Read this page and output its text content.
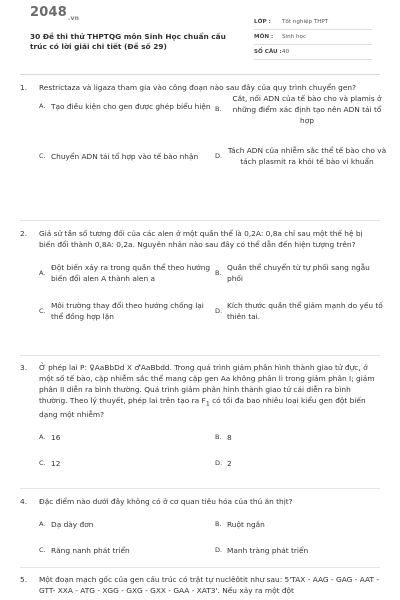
$2048_{.vn}$
30 Đề thi thử THPTQG môn Sinh Học chuẩn cấu trúc có lời giải chi tiết (Đề số 29)
LỚP :	Tốt nghiệp THPT
MÔN :	Sinh học
SỐ CÂU : 40
1.	Restrictaza và ligaza tham gia vào công đoạn nào sau đây của quy trình chuyển gen?
A. Tạo điều kiện cho gen được ghép biểu hiện B.
Cắt, nối ADN của tế bào cho và plamis ở những điểm xác định tạo nên ADN tái tổ hợp
C. Chuyển ADN tái tổ hợp vào tế bào nhận	D.
Tách ADN của nhiễm sắc thể tế bào cho và tách plasmit ra khỏi tế bào vi khuẩn
2.	Giả sử tần số tương đối của các alen ở một quần thể là 0,2A: 0,8a chỉ sau một thế hệ bị biến đổi thành 0,8A: 0,2a. Nguyên nhân nào sau đây có thể dẫn đến hiện tượng trên?
A.
Đột biến xảy ra trong quần thể theo hướng biến đổi alen A thành alen a
B.
Quần thể chuyển từ tự phối sang ngẫu phối
C.
Môi trường thay đổi theo hướng chống lại thể đồng hợp lặn
D.
Kích thước quần thể giảm mạnh do yếu tố thiên tai.
3.	Ở phép lai P: ♀AaBbDd X ♂AaBbdd. Trong quá trình giảm phân hình thành giao tử đực, ở một số tế bào, cặp nhiễm sắc thể mang cặp gen Aa không phân li trong giảm phân I; giảm phân II diễn ra bình thường. Quá trình giảm phân hình thành giao tử cái diễn ra bình thường. Theo lý thuyết, phép lai trên tạo ra $F_1$ có tối đa bao nhiêu loại kiểu gen đột biến dạng một nhiễm?
A. 16	B. 8
C. 12	D. 2
4.	Đặc điểm nào dưới đây không có ở cơ quan tiêu hóa của thú ăn thịt?
A. Dạ dày đơn	B. Ruột ngắn
C. Răng nanh phát triển	D. Manh tràng phát triển
5.	Một đoạn mạch gốc của gen cấu trúc có trật tự nuclêôtit như sau: 5'TAX - AAG - GAG - AAT - GTT- XXA - ATG - XGG - GXG - GXX - GAA - XAT3'. Nếu xảy ra một đột
